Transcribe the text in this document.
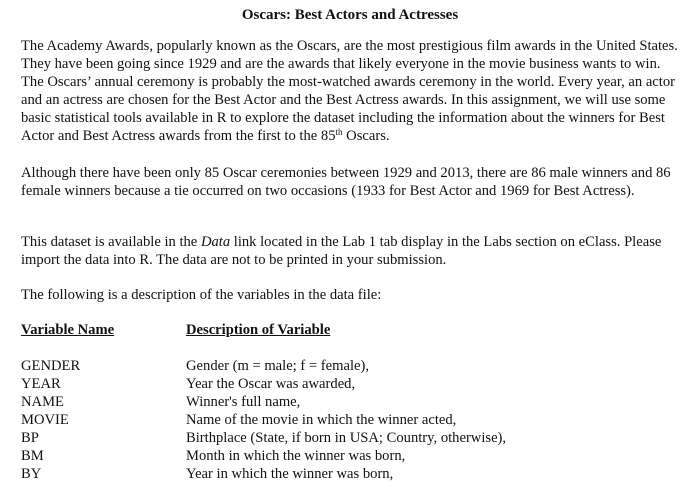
Oscars: Best Actors and Actresses

The Academy Awards, popularly known as the Oscars, are the most prestigious film awards in the United States. They have been going since 1929 and are the awards that likely everyone in the movie business wants to win. The Oscars’ annual ceremony is probably the most-watched awards ceremony in the world. Every year, an actor and an actress are chosen for the Best Actor and the Best Actress awards. In this assignment, we will use some basic statistical tools available in R to explore the dataset including the information about the winners for Best Actor and Best Actress awards from the first to the 85th Oscars.

Although there have been only 85 Oscar ceremonies between 1929 and 2013, there are 86 male winners and 86 female winners because a tie occurred on two occasions (1933 for Best Actor and 1969 for Best Actress).

This dataset is available in the Data link located in the Lab 1 tab display in the Labs section on eClass. Please import the data into R. The data are not to be printed in your submission.

The following is a description of the variables in the data file:

Variable Name	Description of Variable
GENDER	Gender (m = male; f = female),
YEAR	Year the Oscar was awarded,
NAME	Winner's full name,
MOVIE	Name of the movie in which the winner acted,
BP	Birthplace (State, if born in USA; Country, otherwise),
BM	Month in which the winner was born,
BY	Year in which the winner was born,
